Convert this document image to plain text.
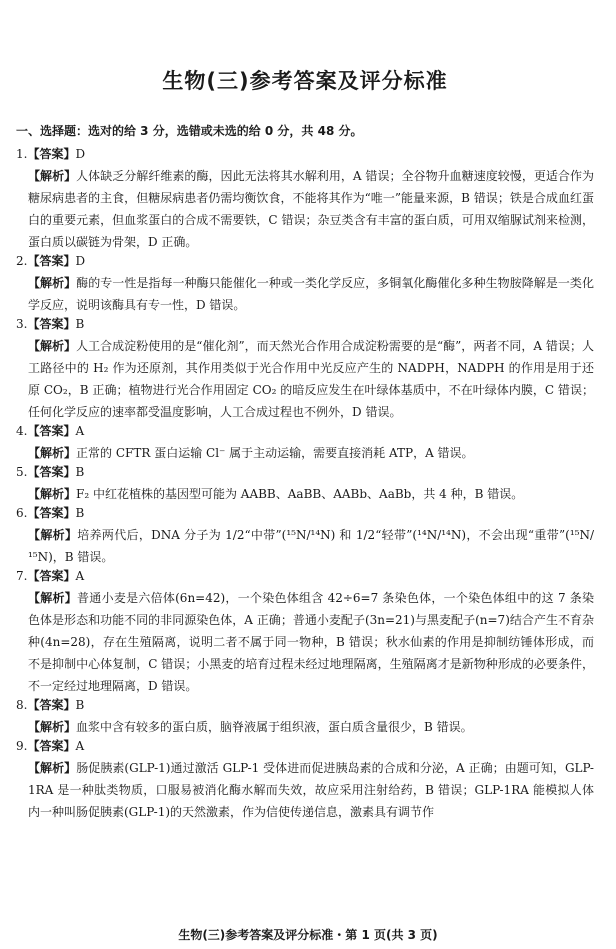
生物(三)参考答案及评分标准
一、选择题：选对的给 3 分，选错或未选的给 0 分，共 48 分。
1.【答案】D
【解析】人体缺乏分解纤维素的酶，因此无法将其水解利用，A 错误；全谷物升血糖速度较慢，更适合作为糖尿病患者的主食，但糖尿病患者仍需均衡饮食，不能将其作为“唯一”能量来源，B 错误；铁是合成血红蛋白的重要元素，但血浆蛋白的合成不需要铁，C 错误；杂豆类含有丰富的蛋白质，可用双缩脲试剂来检测，蛋白质以碳链为骨架，D 正确。
2.【答案】D
【解析】酶的专一性是指每一种酶只能催化一种或一类化学反应，多铜氧化酶催化多种生物胺降解是一类化学反应，说明该酶具有专一性，D 错误。
3.【答案】B
【解析】人工合成淀粉使用的是“催化剂”，而天然光合作用合成淀粉需要的是“酶”，两者不同，A 错误；人工路径中的 H₂ 作为还原剂，其作用类似于光合作用中光反应产生的 NADPH，NADPH 的作用是用于还原 CO₂，B 正确；植物进行光合作用固定 CO₂ 的暗反应发生在叶绿体基质中，不在叶绿体内膜，C 错误；任何化学反应的速率都受温度影响，人工合成过程也不例外，D 错误。
4.【答案】A
【解析】正常的 CFTR 蛋白运输 Cl⁻ 属于主动运输，需要直接消耗 ATP，A 错误。
5.【答案】B
【解析】F₂ 中红花植株的基因型可能为 AABB、AaBB、AABb、AaBb，共 4 种，B 错误。
6.【答案】B
【解析】培养两代后，DNA 分子为 1/2“中带”(¹⁵N/¹⁴N) 和 1/2“轻带”(¹⁴N/¹⁴N)，不会出现“重带”(¹⁵N/¹⁵N)，B 错误。
7.【答案】A
【解析】普通小麦是六倍体(6n=42)，一个染色体组含 42÷6=7 条染色体，一个染色体组中的这 7 条染色体是形态和功能不同的非同源染色体，A 正确；普通小麦配子(3n=21)与黑麦配子(n=7)结合产生不育杂种(4n=28)，存在生殖隔离，说明二者不属于同一物种，B 错误；秋水仙素的作用是抑制纺锤体形成，而不是抑制中心体复制，C 错误；小黑麦的培育过程未经过地理隔离，生殖隔离才是新物种形成的必要条件，不一定经过地理隔离，D 错误。
8.【答案】B
【解析】血浆中含有较多的蛋白质，脑脊液属于组织液，蛋白质含量很少，B 错误。
9.【答案】A
【解析】肠促胰素(GLP-1)通过激活 GLP-1 受体进而促进胰岛素的合成和分泌，A 正确；由题可知，GLP-1RA 是一种肽类物质，口服易被消化酶水解而失效，故应采用注射给药，B 错误；GLP-1RA 能模拟人体内一种叫肠促胰素(GLP-1)的天然激素，作为信使传递信息，激素具有调节作
生物(三)参考答案及评分标准・第 1 页(共 3 页)
